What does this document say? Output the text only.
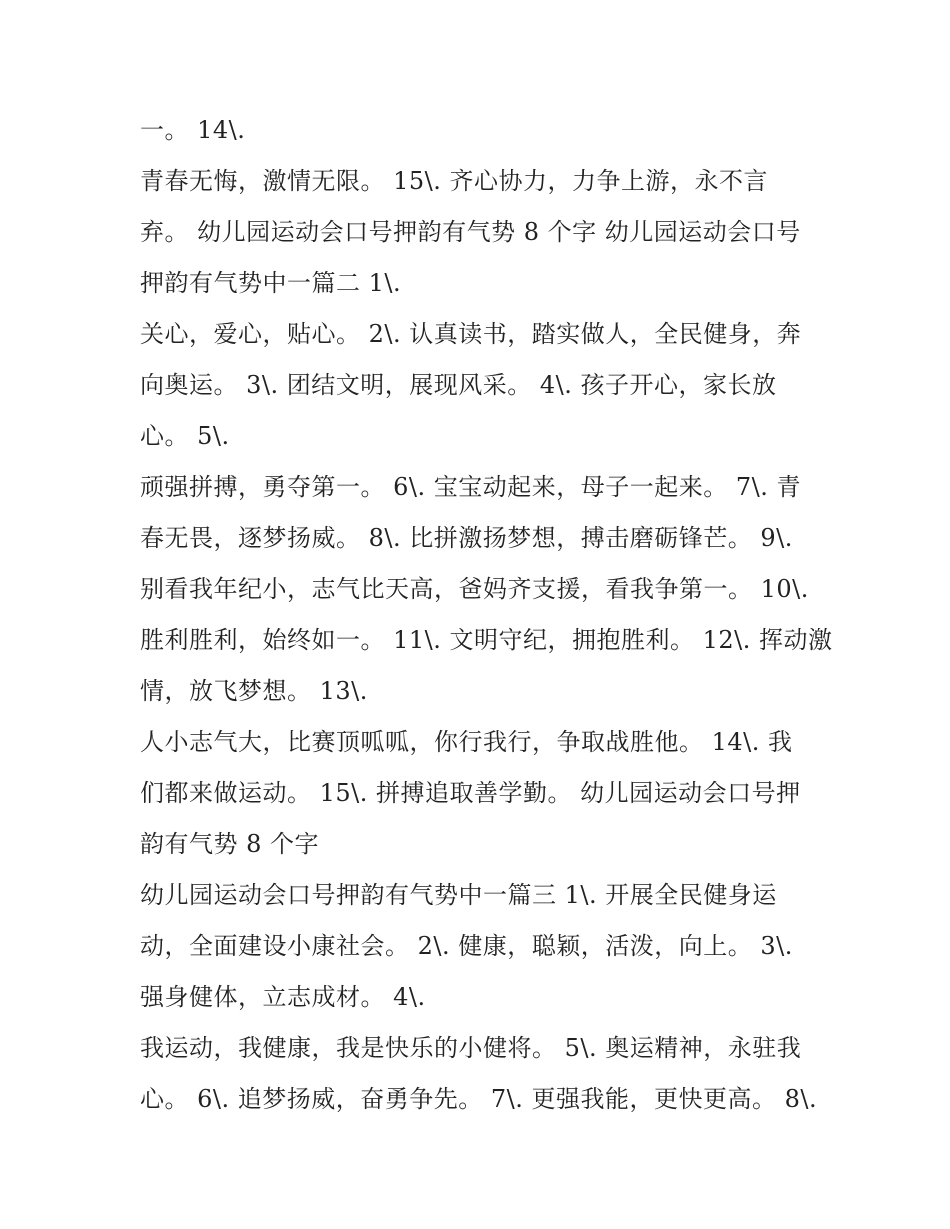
一。 14\.
青春无悔，激情无限。 15\. 齐心协力，力争上游，永不言
弃。 幼儿园运动会口号押韵有气势 8 个字 幼儿园运动会口号
押韵有气势中一篇二 1\.
关心，爱心，贴心。 2\. 认真读书，踏实做人，全民健身，奔
向奥运。 3\. 团结文明，展现风采。 4\. 孩子开心，家长放
心。 5\.
顽强拼搏，勇夺第一。 6\. 宝宝动起来，母子一起来。 7\. 青
春无畏，逐梦扬威。 8\. 比拼激扬梦想，搏击磨砺锋芒。 9\.
别看我年纪小，志气比天高，爸妈齐支援，看我争第一。 10\.
胜利胜利，始终如一。 11\. 文明守纪，拥抱胜利。 12\. 挥动激
情，放飞梦想。 13\.
人小志气大，比赛顶呱呱，你行我行，争取战胜他。 14\. 我
们都来做运动。 15\. 拼搏追取善学勤。 幼儿园运动会口号押
韵有气势 8 个字
幼儿园运动会口号押韵有气势中一篇三 1\. 开展全民健身运
动，全面建设小康社会。 2\. 健康，聪颖，活泼，向上。 3\.
强身健体，立志成材。 4\.
我运动，我健康，我是快乐的小健将。 5\. 奥运精神，永驻我
心。 6\. 追梦扬威，奋勇争先。 7\. 更强我能，更快更高。 8\.
